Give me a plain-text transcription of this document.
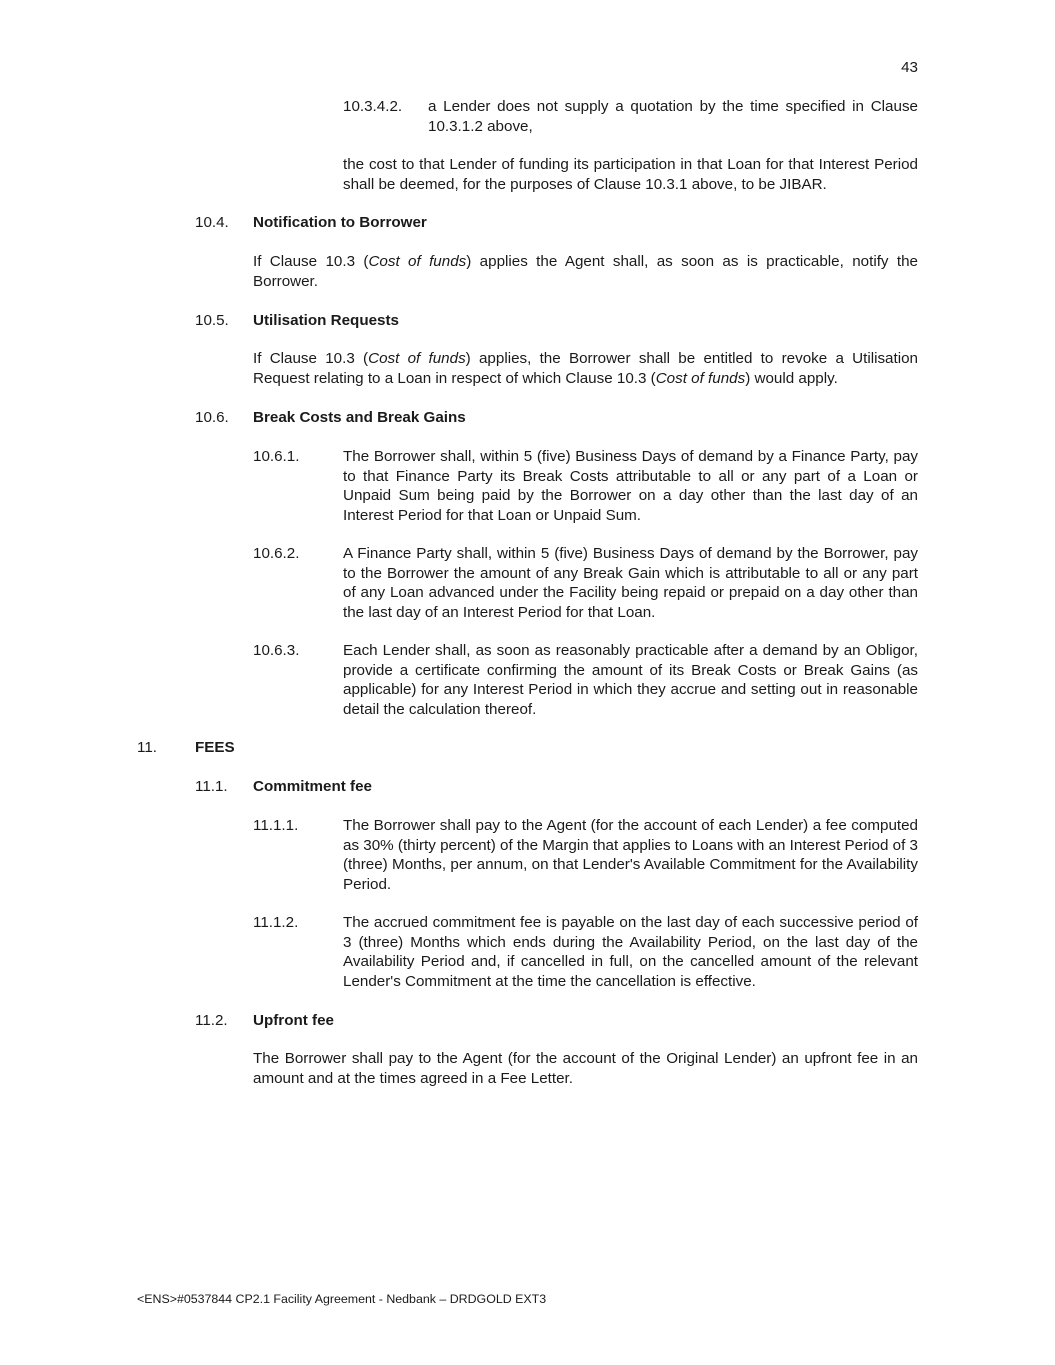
43
10.3.4.2. a Lender does not supply a quotation by the time specified in Clause 10.3.1.2 above,
the cost to that Lender of funding its participation in that Loan for that Interest Period shall be deemed, for the purposes of Clause 10.3.1 above, to be JIBAR.
10.4. Notification to Borrower
If Clause 10.3 (Cost of funds) applies the Agent shall, as soon as is practicable, notify the Borrower.
10.5. Utilisation Requests
If Clause 10.3 (Cost of funds) applies, the Borrower shall be entitled to revoke a Utilisation Request relating to a Loan in respect of which Clause 10.3 (Cost of funds) would apply.
10.6. Break Costs and Break Gains
10.6.1.	The Borrower shall, within 5 (five) Business Days of demand by a Finance Party, pay to that Finance Party its Break Costs attributable to all or any part of a Loan or Unpaid Sum being paid by the Borrower on a day other than the last day of an Interest Period for that Loan or Unpaid Sum.
10.6.2.	A Finance Party shall, within 5 (five) Business Days of demand by the Borrower, pay to the Borrower the amount of any Break Gain which is attributable to all or any part of any Loan advanced under the Facility being repaid or prepaid on a day other than the last day of an Interest Period for that Loan.
10.6.3.	Each Lender shall, as soon as reasonably practicable after a demand by an Obligor, provide a certificate confirming the amount of its Break Costs or Break Gains (as applicable) for any Interest Period in which they accrue and setting out in reasonable detail the calculation thereof.
11.	FEES
11.1. Commitment fee
11.1.1.	The Borrower shall pay to the Agent (for the account of each Lender) a fee computed as 30% (thirty percent) of the Margin that applies to Loans with an Interest Period of 3 (three) Months, per annum, on that Lender's Available Commitment for the Availability Period.
11.1.2.	The accrued commitment fee is payable on the last day of each successive period of 3 (three) Months which ends during the Availability Period, on the last day of the Availability Period and, if cancelled in full, on the cancelled amount of the relevant Lender's Commitment at the time the cancellation is effective.
11.2. Upfront fee
The Borrower shall pay to the Agent (for the account of the Original Lender) an upfront fee in an amount and at the times agreed in a Fee Letter.
<ENS>#0537844 CP2.1 Facility Agreement - Nedbank – DRDGOLD EXT3
